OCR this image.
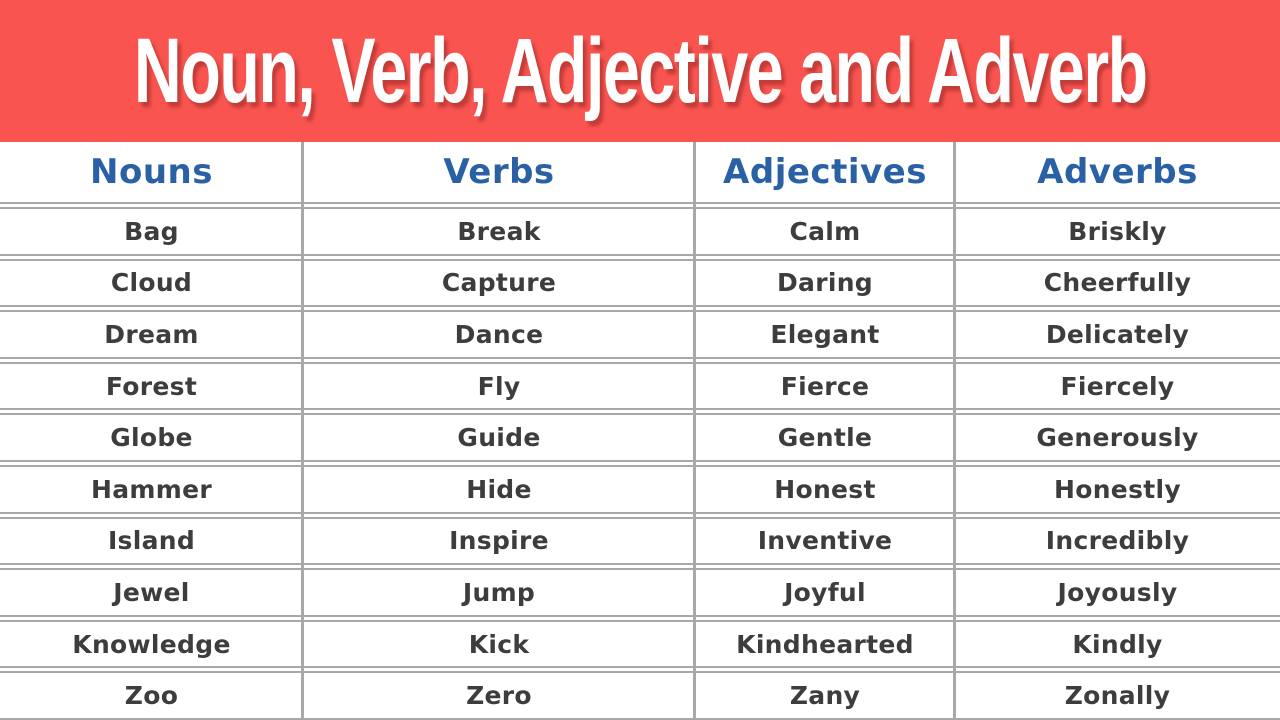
Noun, Verb, Adjective and Adverb
Nouns	Verbs	Adjectives	Adverbs
Bag	Break	Calm	Briskly
Cloud	Capture	Daring	Cheerfully
Dream	Dance	Elegant	Delicately
Forest	Fly	Fierce	Fiercely
Globe	Guide	Gentle	Generously
Hammer	Hide	Honest	Honestly
Island	Inspire	Inventive	Incredibly
Jewel	Jump	Joyful	Joyously
Knowledge	Kick	Kindhearted	Kindly
Zoo	Zero	Zany	Zonally
